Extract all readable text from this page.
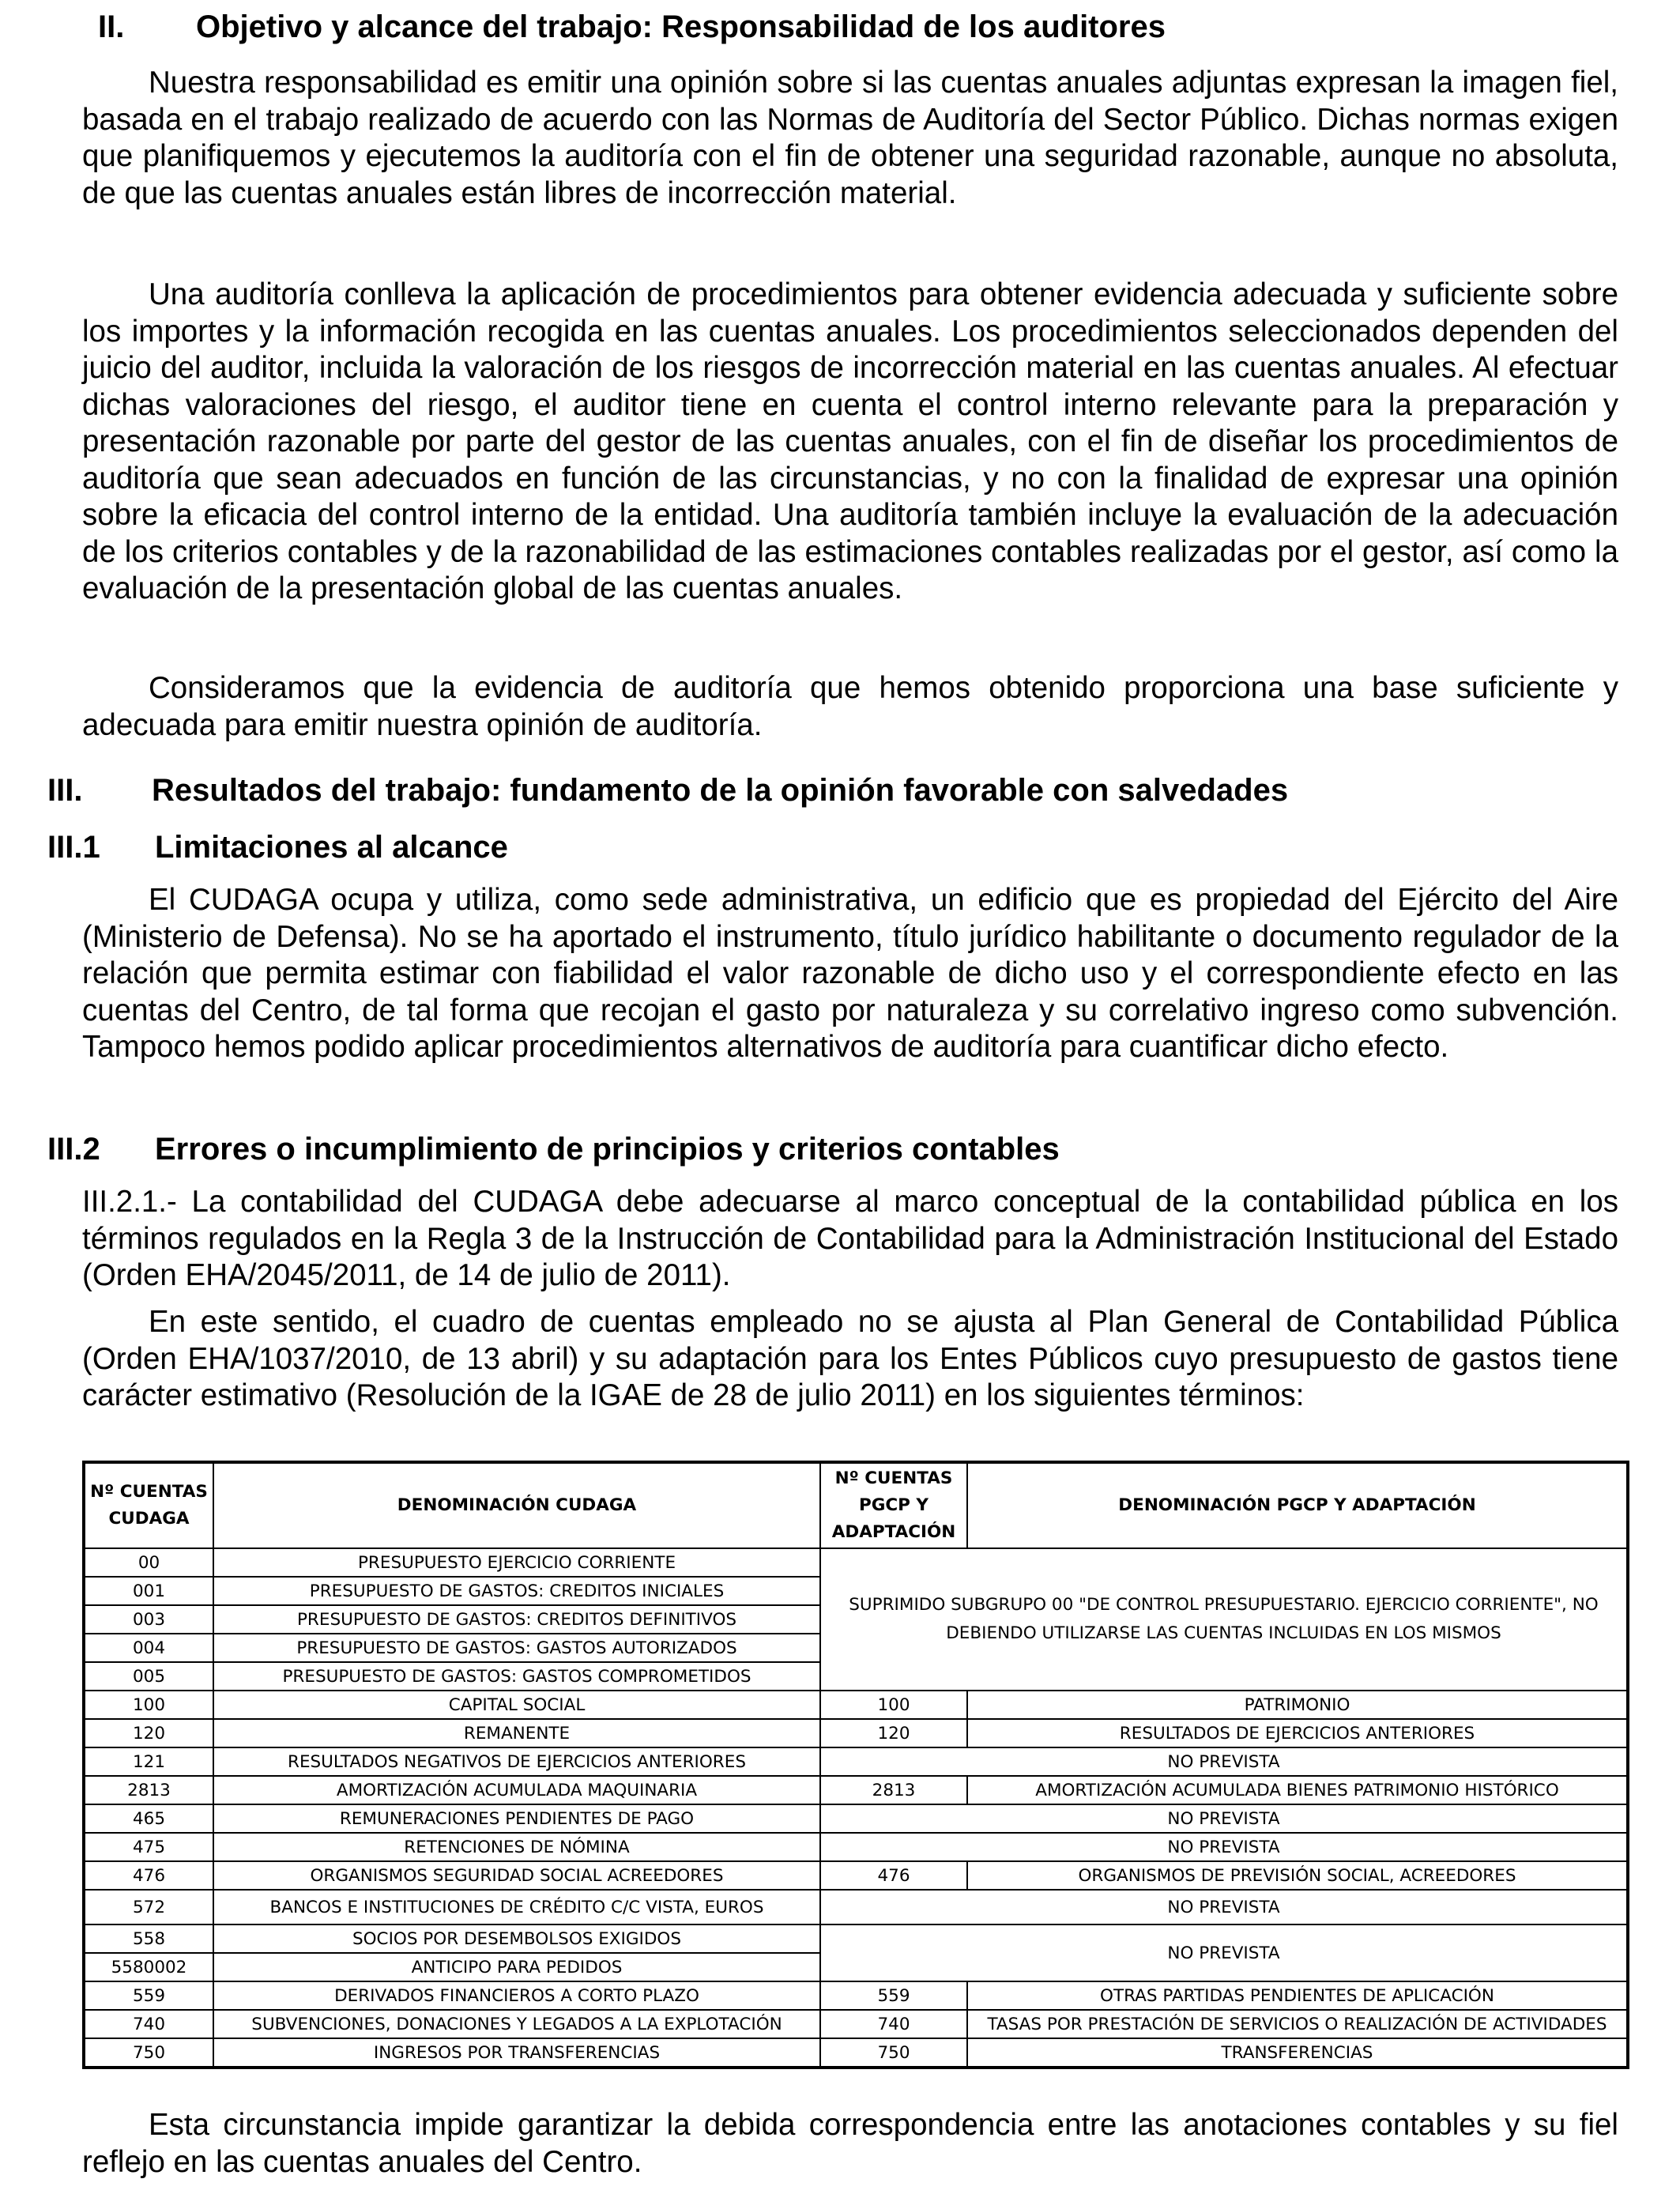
II. Objetivo y alcance del trabajo: Responsabilidad de los auditores

Nuestra responsabilidad es emitir una opinión sobre si las cuentas anuales adjuntas expresan la imagen fiel, basada en el trabajo realizado de acuerdo con las Normas de Auditoría del Sector Público. Dichas normas exigen que planifiquemos y ejecutemos la auditoría con el fin de obtener una seguridad razonable, aunque no absoluta, de que las cuentas anuales están libres de incorrección material.

Una auditoría conlleva la aplicación de procedimientos para obtener evidencia adecuada y suficiente sobre los importes y la información recogida en las cuentas anuales. Los procedimientos seleccionados dependen del juicio del auditor, incluida la valoración de los riesgos de incorrección material en las cuentas anuales. Al efectuar dichas valoraciones del riesgo, el auditor tiene en cuenta el control interno relevante para la preparación y presentación razonable por parte del gestor de las cuentas anuales, con el fin de diseñar los procedimientos de auditoría que sean adecuados en función de las circunstancias, y no con la finalidad de expresar una opinión sobre la eficacia del control interno de la entidad. Una auditoría también incluye la evaluación de la adecuación de los criterios contables y de la razonabilidad de las estimaciones contables realizadas por el gestor, así como la evaluación de la presentación global de las cuentas anuales.

Consideramos que la evidencia de auditoría que hemos obtenido proporciona una base suficiente y adecuada para emitir nuestra opinión de auditoría.

III. Resultados del trabajo: fundamento de la opinión favorable con salvedades
III.1 Limitaciones al alcance

El CUDAGA ocupa y utiliza, como sede administrativa, un edificio que es propiedad del Ejército del Aire (Ministerio de Defensa). No se ha aportado el instrumento, título jurídico habilitante o documento regulador de la relación que permita estimar con fiabilidad el valor razonable de dicho uso y el correspondiente efecto en las cuentas del Centro, de tal forma que recojan el gasto por naturaleza y su correlativo ingreso como subvención. Tampoco hemos podido aplicar procedimientos alternativos de auditoría para cuantificar dicho efecto.

III.2 Errores o incumplimiento de principios y criterios contables

III.2.1.- La contabilidad del CUDAGA debe adecuarse al marco conceptual de la contabilidad pública en los términos regulados en la Regla 3 de la Instrucción de Contabilidad para la Administración Institucional del Estado (Orden EHA/2045/2011, de 14 de julio de 2011).

En este sentido, el cuadro de cuentas empleado no se ajusta al Plan General de Contabilidad Pública (Orden EHA/1037/2010, de 13 abril) y su adaptación para los Entes Públicos cuyo presupuesto de gastos tiene carácter estimativo (Resolución de la IGAE de 28 de julio 2011) en los siguientes términos:

Nº CUENTAS CUDAGA	DENOMINACIÓN CUDAGA	Nº CUENTAS PGCP Y ADAPTACIÓN	DENOMINACIÓN PGCP Y ADAPTACIÓN
00	PRESUPUESTO EJERCICIO CORRIENTE	SUPRIMIDO SUBGRUPO 00 "DE CONTROL PRESUPUESTARIO. EJERCICIO CORRIENTE", NO DEBIENDO UTILIZARSE LAS CUENTAS INCLUIDAS EN LOS MISMOS	
001	PRESUPUESTO DE GASTOS: CREDITOS INICIALES		
003	PRESUPUESTO DE GASTOS: CREDITOS DEFINITIVOS		
004	PRESUPUESTO DE GASTOS: GASTOS AUTORIZADOS		
005	PRESUPUESTO DE GASTOS: GASTOS COMPROMETIDOS		
100	CAPITAL SOCIAL	100	PATRIMONIO
120	REMANENTE	120	RESULTADOS DE EJERCICIOS ANTERIORES
121	RESULTADOS NEGATIVOS DE EJERCICIOS ANTERIORES	NO PREVISTA	
2813	AMORTIZACIÓN ACUMULADA MAQUINARIA	2813	AMORTIZACIÓN ACUMULADA BIENES PATRIMONIO HISTÓRICO
465	REMUNERACIONES PENDIENTES DE PAGO	NO PREVISTA	
475	RETENCIONES DE NÓMINA	NO PREVISTA	
476	ORGANISMOS SEGURIDAD SOCIAL ACREEDORES	476	ORGANISMOS DE PREVISIÓN SOCIAL, ACREEDORES
572	BANCOS E INSTITUCIONES DE CRÉDITO C/C VISTA, EUROS	NO PREVISTA	
558	SOCIOS POR DESEMBOLSOS EXIGIDOS	NO PREVISTA	
5580002	ANTICIPO PARA PEDIDOS		
559	DERIVADOS FINANCIEROS A CORTO PLAZO	559	OTRAS PARTIDAS PENDIENTES DE APLICACIÓN
740	SUBVENCIONES, DONACIONES Y LEGADOS A LA EXPLOTACIÓN	740	TASAS POR PRESTACIÓN DE SERVICIOS O REALIZACIÓN DE ACTIVIDADES
750	INGRESOS POR TRANSFERENCIAS	750	TRANSFERENCIAS

Esta circunstancia impide garantizar la debida correspondencia entre las anotaciones contables y su fiel reflejo en las cuentas anuales del Centro.
